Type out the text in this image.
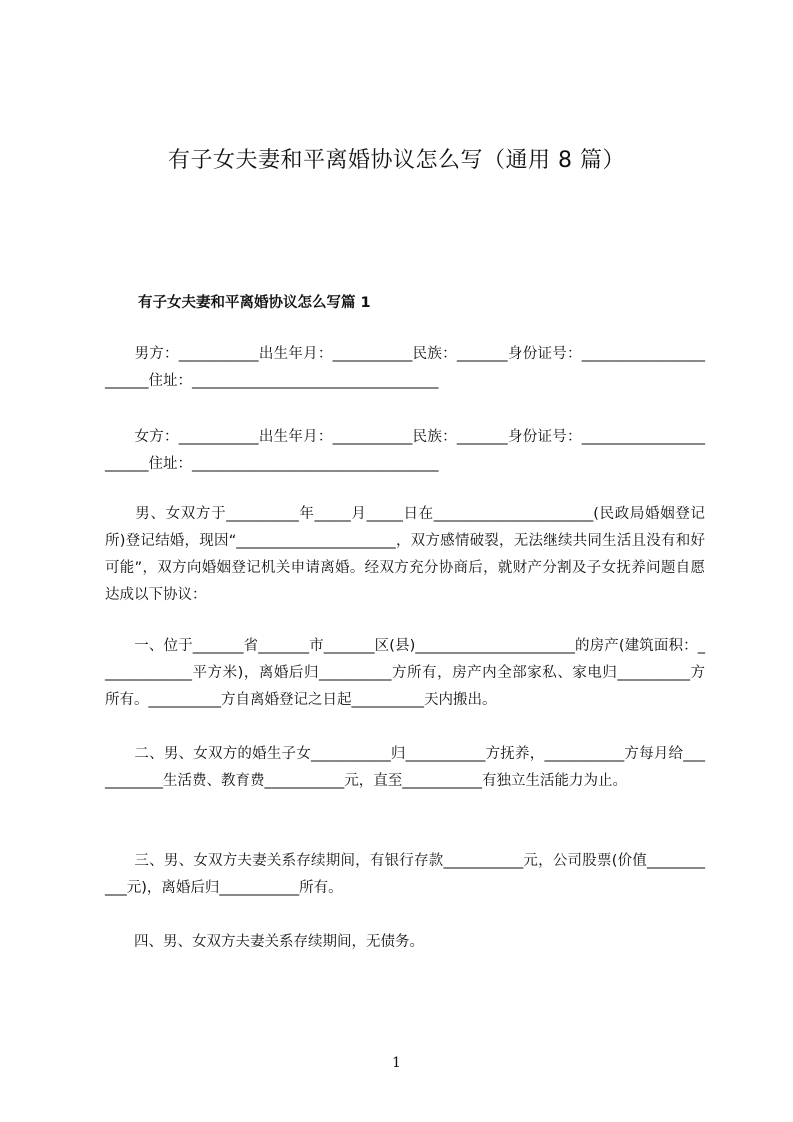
有子女夫妻和平离婚协议怎么写（通用 8 篇）
有子女夫妻和平离婚协议怎么写篇 1

　　男方：___________出生年月：___________民族：_______身份证号：_______________________住址：__________________________________

　　女方：___________出生年月：___________民族：_______身份证号：_______________________住址：__________________________________

　　男、女双方于__________年_____月_____日在______________________(民政局婚姻登记所)登记结婚，现因“______________________，双方感情破裂，无法继续共同生活且没有和好可能”，双方向婚姻登记机关申请离婚。经双方充分协商后，就财产分割及子女抚养问题自愿达成以下协议：

　　一、位于_______省_______市_______区(县)______________________的房产(建筑面积：_____________平方米)，离婚后归__________方所有，房产内全部家私、家电归__________方所有。__________方自离婚登记之日起__________天内搬出。

　　二、男、女双方的婚生子女___________归___________方抚养，___________方每月给___________生活费、教育费___________元，直至___________有独立生活能力为止。

　　三、男、女双方夫妻关系存续期间，有银行存款___________元，公司股票(价值___________元)，离婚后归___________所有。

　　四、男、女双方夫妻关系存续期间，无债务。

1
